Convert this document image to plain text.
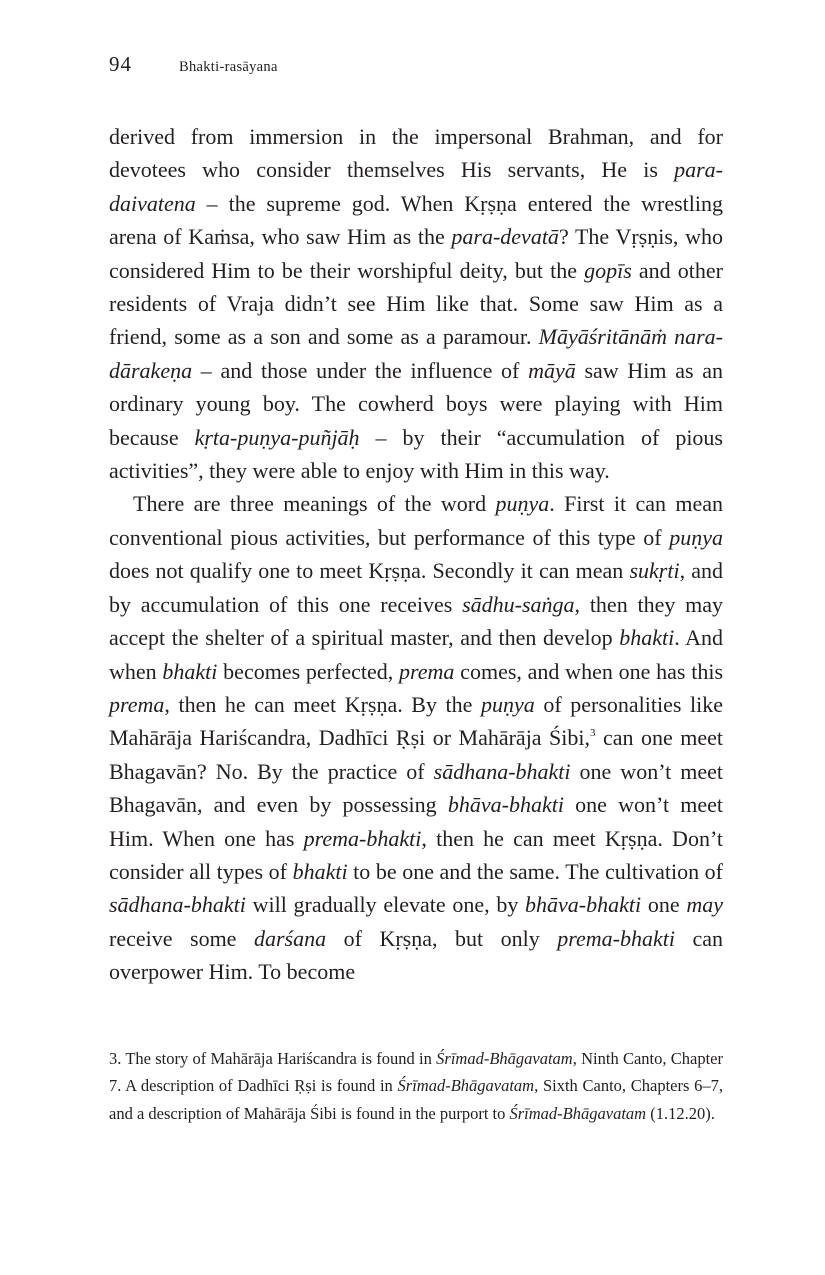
94	Bhakti-rasāyana

derived from immersion in the impersonal Brahman, and for devotees who consider themselves His servants, He is para-daivatena – the supreme god. When Kṛṣṇa entered the wrestling arena of Kaṁsa, who saw Him as the para-devatā? The Vṛṣṇis, who considered Him to be their worshipful deity, but the gopīs and other residents of Vraja didn’t see Him like that. Some saw Him as a friend, some as a son and some as a paramour. Māyāśritānāṁ nara-dārakeṇa – and those under the influence of māyā saw Him as an ordinary young boy. The cowherd boys were playing with Him because kṛta-puṇya-puñjāḥ – by their “accumulation of pious activities”, they were able to enjoy with Him in this way.

There are three meanings of the word puṇya. First it can mean conventional pious activities, but performance of this type of puṇya does not qualify one to meet Kṛṣṇa. Secondly it can mean sukṛti, and by accumulation of this one receives sādhu-saṅga, then they may accept the shelter of a spiritual master, and then develop bhakti. And when bhakti becomes perfected, prema comes, and when one has this prema, then he can meet Kṛṣṇa. By the puṇya of personalities like Mahārāja Hariścandra, Dadhīci Ṛṣi or Mahārāja Śibi,$^3$ can one meet Bhagavān? No. By the practice of sādhana-bhakti one won’t meet Bhagavān, and even by possessing bhāva-bhakti one won’t meet Him. When one has prema-bhakti, then he can meet Kṛṣṇa. Don’t consider all types of bhakti to be one and the same. The cultivation of sādhana-bhakti will gradually elevate one, by bhāva-bhakti one may receive some darśana of Kṛṣṇa, but only prema-bhakti can overpower Him. To become

3. The story of Mahārāja Hariścandra is found in Śrīmad-Bhāgavatam, Ninth Canto, Chapter 7. A description of Dadhīci Ṛṣi is found in Śrīmad-Bhāgavatam, Sixth Canto, Chapters 6–7, and a description of Mahārāja Śibi is found in the purport to Śrīmad-Bhāgavatam (1.12.20).
